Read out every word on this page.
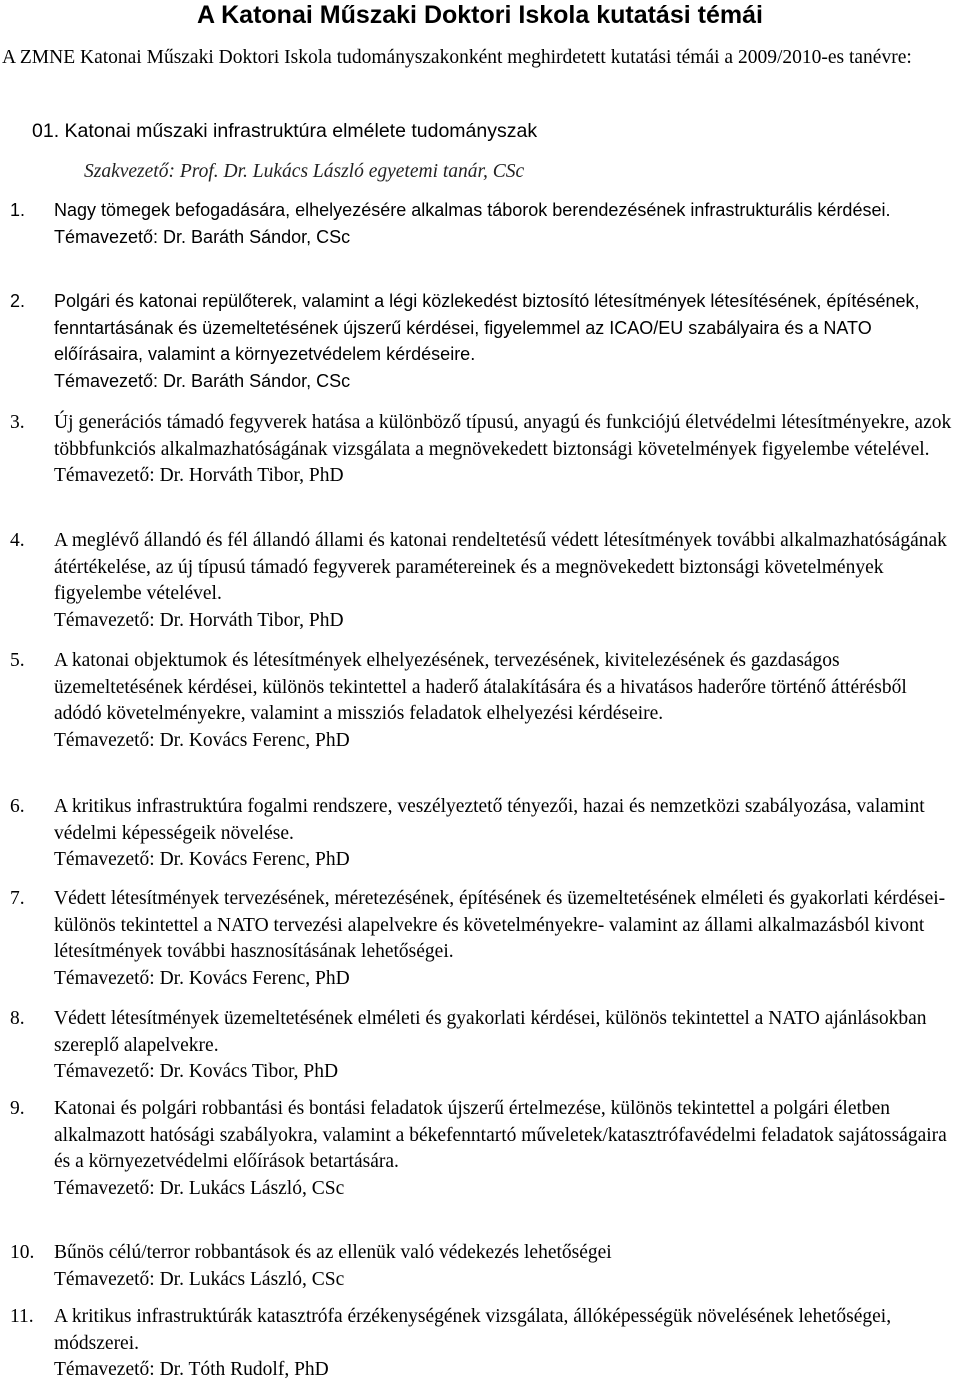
A Katonai Műszaki Doktori Iskola kutatási témái
A ZMNE Katonai Műszaki Doktori Iskola tudományszakonként meghirdetett kutatási témái a 2009/2010-es tanévre:
01. Katonai műszaki infrastruktúra elmélete tudományszak
Szakvezető: Prof. Dr. Lukács László egyetemi tanár, CSc
1. Nagy tömegek befogadására, elhelyezésére alkalmas táborok berendezésének infrastrukturális kérdései.
Témavezető: Dr. Baráth Sándor, CSc
2. Polgári és katonai repülőterek, valamint a légi közlekedést biztosító létesítmények létesítésének, építésének, fenntartásának és üzemeltetésének újszerű kérdései, figyelemmel az ICAO/EU szabályaira és a NATO előírásaira, valamint a környezetvédelem kérdéseire.
Témavezető: Dr. Baráth Sándor, CSc
3. Új generációs támadó fegyverek hatása a különböző típusú, anyagú és funkciójú életvédelmi létesítményekre, azok többfunkciós alkalmazhatóságának vizsgálata a megnövekedett biztonsági követelmények figyelembe vételével.
Témavezető: Dr. Horváth Tibor, PhD
4. A meglévő állandó és fél állandó állami és katonai rendeltetésű védett létesítmények további alkalmazhatóságának átértékelése, az új típusú támadó fegyverek paramétereinek és a megnövekedett biztonsági követelmények figyelembe vételével.
Témavezető: Dr. Horváth Tibor, PhD
5. A katonai objektumok és létesítmények elhelyezésének, tervezésének, kivitelezésének és gazdaságos üzemeltetésének kérdései, különös tekintettel a haderő átalakítására és a hivatásos haderőre történő áttérésből adódó követelményekre, valamint a missziós feladatok elhelyezési kérdéseire.
Témavezető: Dr. Kovács Ferenc, PhD
6. A kritikus infrastruktúra fogalmi rendszere, veszélyeztető tényezői, hazai és nemzetközi szabályozása, valamint védelmi képességeik növelése.
Témavezető: Dr. Kovács Ferenc, PhD
7. Védett létesítmények tervezésének, méretezésének, építésének és üzemeltetésének elméleti és gyakorlati kérdései- különös tekintettel a NATO tervezési alapelvekre és követelményekre- valamint az állami alkalmazásból kivont létesítmények további hasznosításának lehetőségei.
Témavezető: Dr. Kovács Ferenc, PhD
8. Védett létesítmények üzemeltetésének elméleti és gyakorlati kérdései, különös tekintettel a NATO ajánlásokban szereplő alapelvekre.
Témavezető: Dr. Kovács Tibor, PhD
9. Katonai és polgári robbantási és bontási feladatok újszerű értelmezése, különös tekintettel a polgári életben alkalmazott hatósági szabályokra, valamint a békefenntartó műveletek/katasztrófavédelmi feladatok sajátosságaira és a környezetvédelmi előírások betartására.
Témavezető: Dr. Lukács László, CSc
10. Bűnös célú/terror robbantások és az ellenük való védekezés lehetőségei
Témavezető: Dr. Lukács László, CSc
11. A kritikus infrastruktúrák katasztrófa érzékenységének vizsgálata, állóképességük növelésének lehetőségei, módszerei.
Témavezető: Dr. Tóth Rudolf, PhD
